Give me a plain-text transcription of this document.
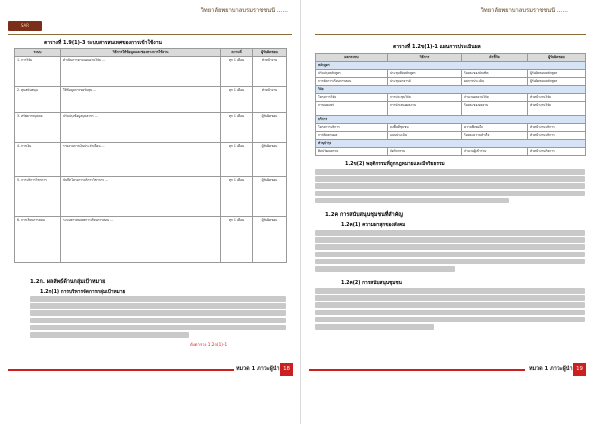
วิทยาลัยพยาบาลบรมราชชนนี ......
SAR
ตารางที่ 1.9(1)-3 ระบบสารสนเทศของการเข้าใช้งาน
ระบบ	วิธีการให้ข้อมูลและช่องทางการใช้งาน	ความถี่	ผู้รับผิดชอบ
1. การวิจัย	ดำเนินการตามแผนงานวิจัย ...	ทุก 1 เดือน	หัวหน้างาน
2. ทุนสนับสนุน	ให้ข้อมูลการขอรับทุน ...	ทุก 1 เดือน	หัวหน้างาน
3. ทรัพยากรบุคคล	ปรับปรุงข้อมูลบุคลากร ...	ทุก 1 เดือน	ผู้รับผิดชอบ
4. การเงิน	รายงานการเงินประจำเดือน ...	ทุก 1 เดือน	ผู้รับผิดชอบ
5. การบริการวิชาการ	บันทึกโครงการบริการวิชาการ ...	ทุก 1 เดือน	ผู้รับผิดชอบ
6. การเรียนการสอน	ระบบสารสนเทศการเรียนการสอน ...	ทุก 1 เดือน	ผู้รับผิดชอบ
1.2ก. ผลลัพธ์ด้านกลุ่มเป้าหมาย
1.2ก(1) การบริหารจัดการกลุ่มเป้าหมาย
ดังตาราง 1.2ก(1)-1
หมวด 1 ภาวะผู้นำ 18
วิทยาลัยพยาบาลบรมราชชนนี ......
ตารางที่ 1.2ข(1)-1 แผนการประเมินผล
ผลกระทบ	วิธีการ	ตัวชี้วัด	ผู้รับผิดชอบ
หลักสูตร			
ปรับปรุงหลักสูตร	ประชุมทีมหลักสูตร	ร้อยละของบัณฑิต	ผู้รับผิดชอบหลักสูตร
การจัดการเรียนการสอน	ประชุมอาจารย์	ผลการประเมิน	ผู้รับผิดชอบหลักสูตร
วิจัย			
โครงการวิจัย	การประชุมวิจัย	จำนวนผลงานวิจัย	หัวหน้างานวิจัย
การเผยแพร่	การนำเสนอผลงาน	ร้อยละของผลงาน	หัวหน้างานวิจัย
บริการ			
โครงการบริการ	ลงพื้นที่ชุมชน	ความพึงพอใจ	หัวหน้างานบริการ
การติดตามผล	แบบประเมิน	ร้อยละความสำเร็จ	หัวหน้างานบริการ
ทำนุบำรุง			
ศิลปวัฒนธรรม	จัดกิจกรรม	จำนวนผู้เข้าร่วม	หัวหน้างานกิจการ
1.2ข(2) พฤติกรรมที่ถูกกฎหมายและมีจริยธรรม
1.2ค การสนับสนุนชุมชนที่สำคัญ
1.2ค(1) ความผาสุกของสังคม
1.2ค(2) การสนับสนุนชุมชน
หมวด 1 ภาวะผู้นำ 19
